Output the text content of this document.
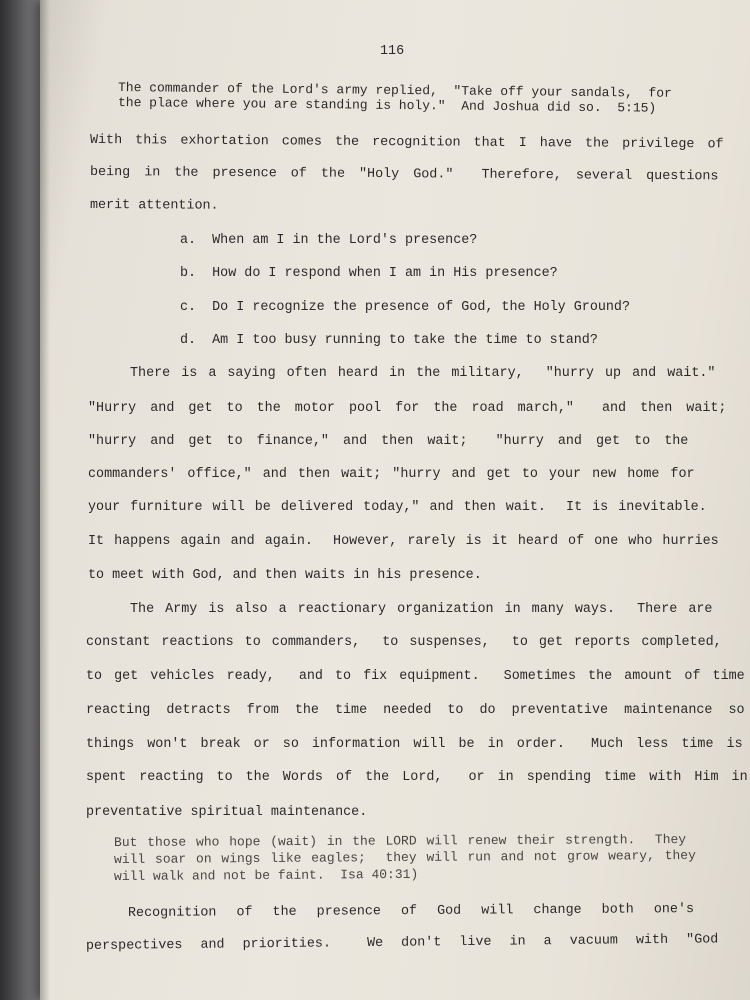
116

The commander of the Lord's army replied,  "Take off your sandals,  for

the place where you are standing is holy."  And Joshua did so.  5:15)

With this exhortation comes the recognition that I have the privilege of

being in the presence of the "Holy God."  Therefore, several questions

merit attention.

a.  When am I in the Lord's presence?

b.  How do I respond when I am in His presence?

c.  Do I recognize the presence of God, the Holy Ground?

d.  Am I too busy running to take the time to stand?

There is a saying often heard in the military,  "hurry up and wait."

"Hurry and get to the motor pool for the road march,"  and then wait;

"hurry and get to finance," and then wait;  "hurry and get to the

commanders' office," and then wait; "hurry and get to your new home for

your furniture will be delivered today," and then wait.  It is inevitable.

It happens again and again.  However, rarely is it heard of one who hurries

to meet with God, and then waits in his presence.

The Army is also a reactionary organization in many ways.  There are

constant reactions to commanders,  to suspenses,  to get reports completed,

to get vehicles ready,  and to fix equipment.  Sometimes the amount of time

reacting detracts from the time needed to do preventative maintenance so

things won't break or so information will be in order.  Much less time is

spent reacting to the Words of the Lord,  or in spending time with Him in

preventative spiritual maintenance.

But those who hope (wait) in the LORD will renew their strength.  They

will soar on wings like eagles;  they will run and not grow weary, they

will walk and not be faint.  Isa 40:31)

Recognition of the presence of God will change both one's

perspectives and priorities.  We don't live in a vacuum with "God
